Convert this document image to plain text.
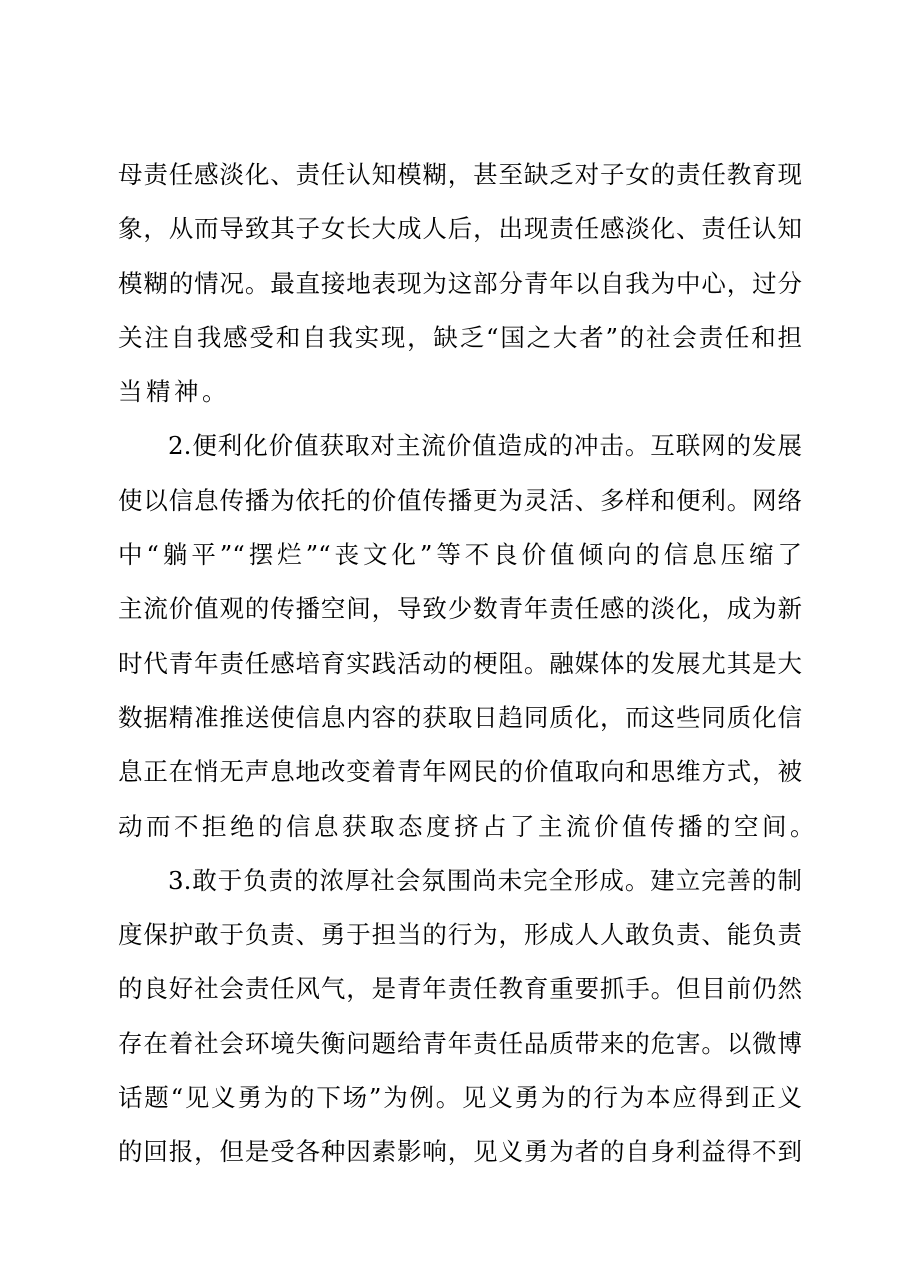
母责任感淡化、责任认知模糊，甚至缺乏对子女的责任教育现
象，从而导致其子女长大成人后，出现责任感淡化、责任认知
模糊的情况。最直接地表现为这部分青年以自我为中心，过分
关注自我感受和自我实现，缺乏“国之大者”的社会责任和担
当精神。
2.便利化价值获取对主流价值造成的冲击。互联网的发展
使以信息传播为依托的价值传播更为灵活、多样和便利。网络
中“躺平”“摆烂”“丧文化”等不良价值倾向的信息压缩了
主流价值观的传播空间，导致少数青年责任感的淡化，成为新
时代青年责任感培育实践活动的梗阻。融媒体的发展尤其是大
数据精准推送使信息内容的获取日趋同质化，而这些同质化信
息正在悄无声息地改变着青年网民的价值取向和思维方式，被
动而不拒绝的信息获取态度挤占了主流价值传播的空间。
3.敢于负责的浓厚社会氛围尚未完全形成。建立完善的制
度保护敢于负责、勇于担当的行为，形成人人敢负责、能负责
的良好社会责任风气，是青年责任教育重要抓手。但目前仍然
存在着社会环境失衡问题给青年责任品质带来的危害。以微博
话题“见义勇为的下场”为例。见义勇为的行为本应得到正义
的回报，但是受各种因素影响，见义勇为者的自身利益得不到
